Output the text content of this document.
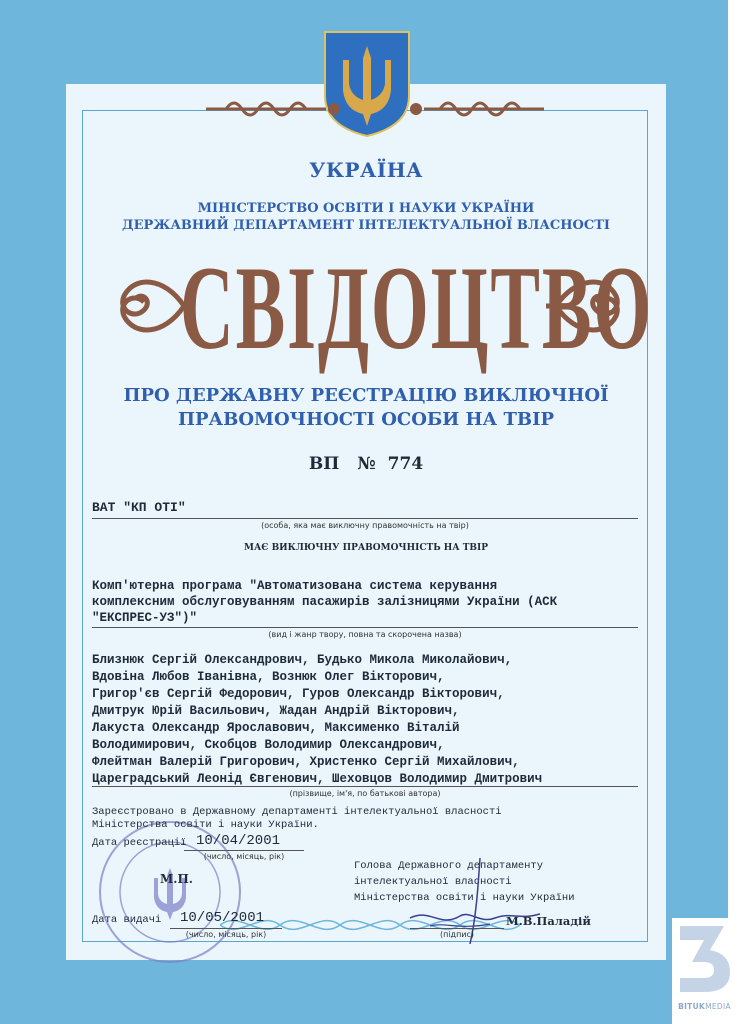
УКРАЇНА
МІНІСТЕРСТВО ОСВІТИ І НАУКИ УКРАЇНИ
ДЕРЖАВНИЙ ДЕПАРТАМЕНТ ІНТЕЛЕКТУАЛЬНОЇ ВЛАСНОСТІ
СВІДОЦТВО
ПРО ДЕРЖАВНУ РЕЄСТРАЦІЮ ВИКЛЮЧНОЇ
ПРАВОМОЧНОСТІ ОСОБИ НА ТВІР
ВП № 774
ВАТ "КП ОТІ"
(особа, яка має виключну правомочність на твір)
МАЄ ВИКЛЮЧНУ ПРАВОМОЧНІСТЬ НА ТВІР
Комп'ютерна програма "Автоматизована система керування
комплексним обслуговуванням пасажирів залізницями України (АСК
"ЕКСПРЕС-УЗ")"
(вид і жанр твору, повна та скорочена назва)
Близнюк Сергій Олександрович, Будько Микола Миколайович,
Вдовіна Любов Іванівна, Вознюк Олег Вікторович,
Григор'єв Сергій Федорович, Гуров Олександр Вікторович,
Дмитрук Юрій Васильович, Жадан Андрій Вікторович,
Лакуста Олександр Ярославович, Максименко Віталій
Володимирович, Скобцов Володимир Олександрович,
Флейтман Валерій Григорович, Христенко Сергій Михайлович,
Цареградський Леонід Євгенович, Шеховцов Володимир Дмитрович
(прізвище, ім'я, по батькові автора)
Зареєстровано в Державному департаменті інтелектуальної власності
Міністерства освіти і науки України.
Дата реєстрації 10/04/2001
(число, місяць, рік)
М.П.
Голова Державного департаменту
інтелектуальної власності
Міністерства освіти і науки України
Дата видачі 10/05/2001
(число, місяць, рік)	(підпис)
М.В.Паладій
BITUKMEDIA
